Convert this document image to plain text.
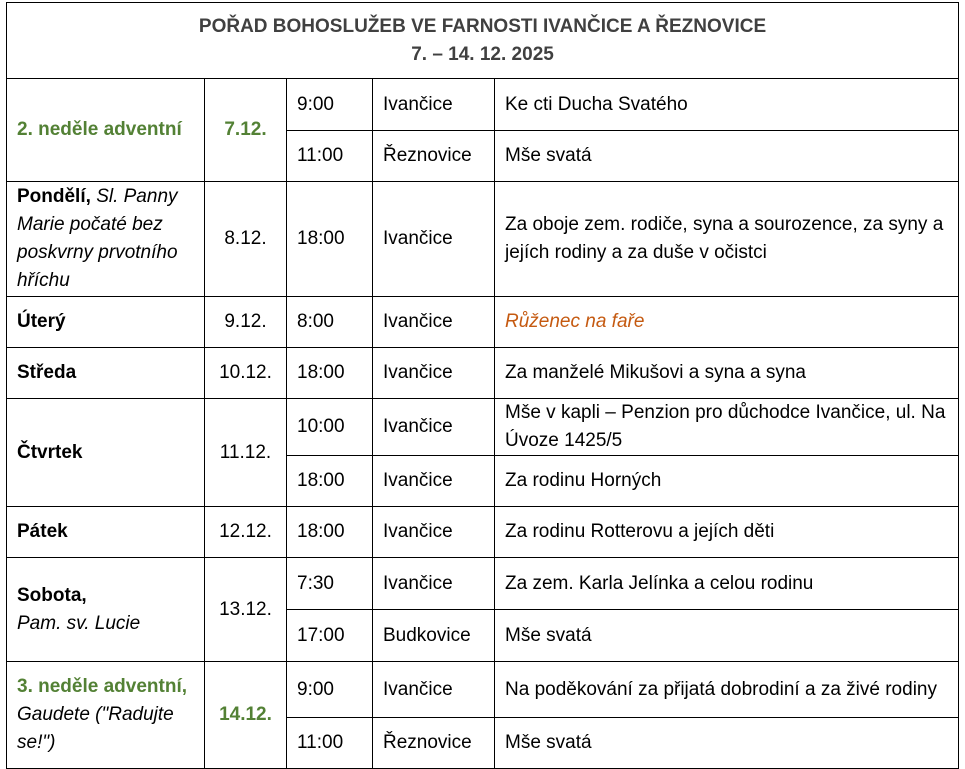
POŘAD BOHOSLUŽEB VE FARNOSTI IVANČICE A ŘEZNOVICE
7. – 14. 12. 2025				

2. neděle adventní	7.12.	9:00	Ivančice	Ke cti Ducha Svatého
		11:00	Řeznovice	Mše svatá
Pondělí, Sl. Panny Marie počaté bez poskvrny prvotního hříchu	8.12.	18:00	Ivančice	Za oboje zem. rodiče, syna a sourozence, za syny a jejích rodiny a za duše v očistci
Úterý	9.12.	8:00	Ivančice	Růženec na faře
Středa	10.12.	18:00	Ivančice	Za manželé Mikušovi a syna a syna
Čtvrtek	11.12.	10:00	Ivančice	Mše v kapli – Penzion pro důchodce Ivančice, ul. Na Úvoze 1425/5
		18:00	Ivančice	Za rodinu Horných
Pátek	12.12.	18:00	Ivančice	Za rodinu Rotterovu a jejích děti
Sobota,
Pam. sv. Lucie	13.12.	7:30	Ivančice	Za zem. Karla Jelínka a celou rodinu
		17:00	Budkovice	Mše svatá
3. neděle adventní, Gaudete ("Radujte se!")	14.12.	9:00	Ivančice	Na poděkování za přijatá dobrodiní a za živé rodiny
		11:00	Řeznovice	Mše svatá
